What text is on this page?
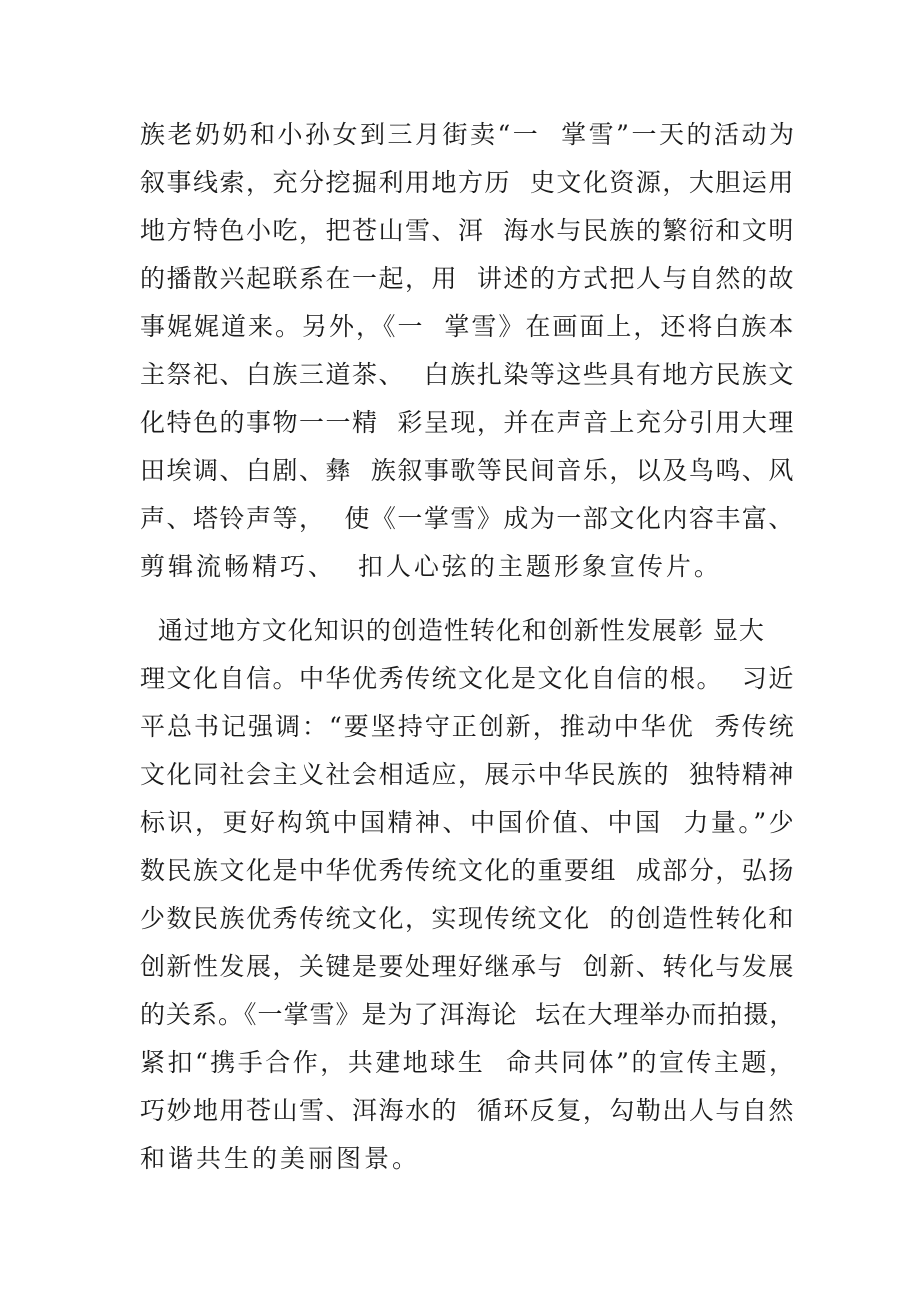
族老奶奶和小孙女到三月街卖“一  掌雪”一天的活动为
叙事线索，充分挖掘利用地方历  史文化资源，大胆运用
地方特色小吃，把苍山雪、洱  海水与民族的繁衍和文明
的播散兴起联系在一起，用  讲述的方式把人与自然的故
事娓娓道来。另外，《一  掌雪》在画面上，还将白族本
主祭祀、白族三道茶、  白族扎染等这些具有地方民族文
化特色的事物一一精  彩呈现，并在声音上充分引用大理
田埃调、白剧、彝  族叙事歌等民间音乐，以及鸟鸣、风
声、塔铃声等，  使《一掌雪》成为一部文化内容丰富、
剪辑流畅精巧、  扣人心弦的主题形象宣传片。
通过地方文化知识的创造性转化和创新性发展彰 显大
理文化自信。中华优秀传统文化是文化自信的根。  习近
平总书记强调：“要坚持守正创新，推动中华优  秀传统
文化同社会主义社会相适应，展示中华民族的  独特精神
标识，更好构筑中国精神、中国价值、中国  力量。”少
数民族文化是中华优秀传统文化的重要组  成部分，弘扬
少数民族优秀传统文化，实现传统文化  的创造性转化和
创新性发展，关键是要处理好继承与  创新、转化与发展
的关系。《一掌雪》是为了洱海论  坛在大理举办而拍摄，
紧扣“携手合作，共建地球生  命共同体”的宣传主题，
巧妙地用苍山雪、洱海水的  循环反复，勾勒出人与自然
和谐共生的美丽图景。
